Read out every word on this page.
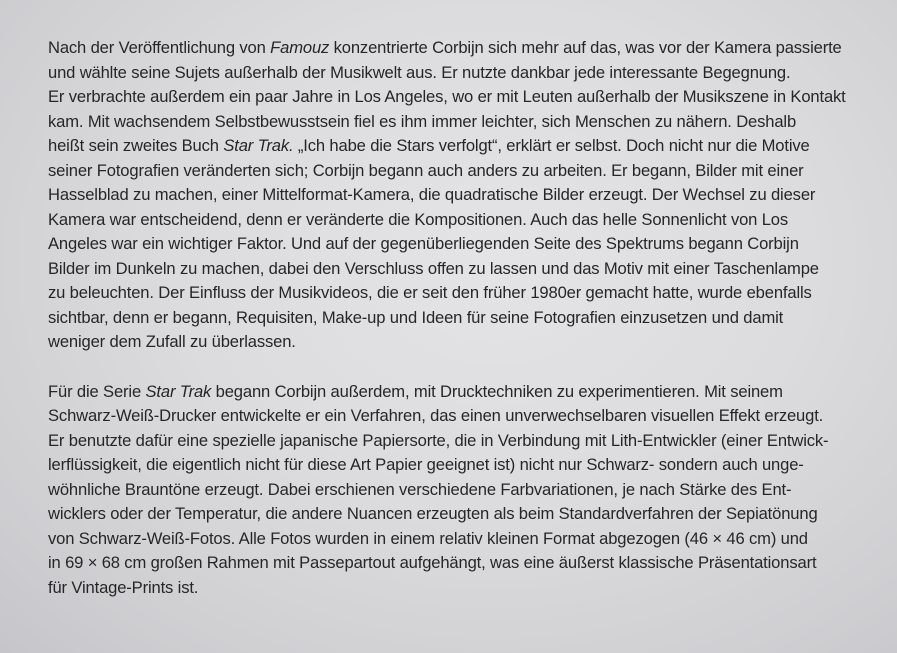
Nach der Veröffentlichung von Famouz konzentrierte Corbijn sich mehr auf das, was vor der Kamera passierte
und wählte seine Sujets außerhalb der Musikwelt aus. Er nutzte dankbar jede interessante Begegnung.
Er verbrachte außerdem ein paar Jahre in Los Angeles, wo er mit Leuten außerhalb der Musikszene in Kontakt
kam. Mit wachsendem Selbstbewusstsein fiel es ihm immer leichter, sich Menschen zu nähern. Deshalb
heißt sein zweites Buch Star Trak. „Ich habe die Stars verfolgt“, erklärt er selbst. Doch nicht nur die Motive
seiner Fotografien veränderten sich; Corbijn begann auch anders zu arbeiten. Er begann, Bilder mit einer
Hasselblad zu machen, einer Mittelformat-Kamera, die quadratische Bilder erzeugt. Der Wechsel zu dieser
Kamera war entscheidend, denn er veränderte die Kompositionen. Auch das helle Sonnenlicht von Los
Angeles war ein wichtiger Faktor. Und auf der gegenüberliegenden Seite des Spektrums begann Corbijn
Bilder im Dunkeln zu machen, dabei den Verschluss offen zu lassen und das Motiv mit einer Taschenlampe
zu beleuchten. Der Einfluss der Musikvideos, die er seit den früher 1980er gemacht hatte, wurde ebenfalls
sichtbar, denn er begann, Requisiten, Make-up und Ideen für seine Fotografien einzusetzen und damit
weniger dem Zufall zu überlassen.

Für die Serie Star Trak begann Corbijn außerdem, mit Drucktechniken zu experimentieren. Mit seinem
Schwarz-Weiß-Drucker entwickelte er ein Verfahren, das einen unverwechselbaren visuellen Effekt erzeugt.
Er benutzte dafür eine spezielle japanische Papiersorte, die in Verbindung mit Lith-Entwickler (einer Entwick-
lerflüssigkeit, die eigentlich nicht für diese Art Papier geeignet ist) nicht nur Schwarz- sondern auch unge-
wöhnliche Brauntöne erzeugt. Dabei erschienen verschiedene Farbvariationen, je nach Stärke des Ent-
wicklers oder der Temperatur, die andere Nuancen erzeugten als beim Standardverfahren der Sepiatönung
von Schwarz-Weiß-Fotos. Alle Fotos wurden in einem relativ kleinen Format abgezogen (46 × 46 cm) und
in 69 × 68 cm großen Rahmen mit Passepartout aufgehängt, was eine äußerst klassische Präsentationsart
für Vintage-Prints ist.
